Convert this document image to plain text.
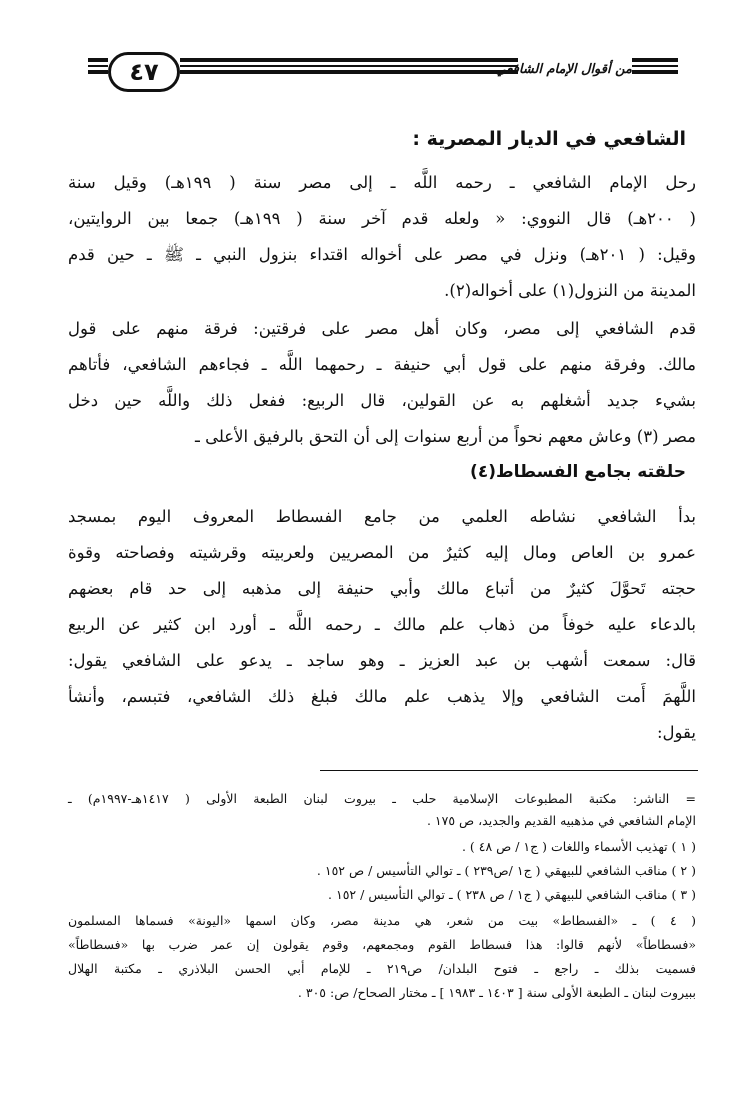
٤٧	من أقوال الإمام الشافعي
الشافعي في الديار المصرية :
رحل الإمام الشافعي ـ رحمه اللَّه ـ إلى مصر سنة ( ١٩٩هـ) وقيل سنة
( ٢٠٠هـ) قال النووي: « ولعله قدم آخر سنة ( ١٩٩هـ) جمعا بين الروايتين،
وقيل: ( ٢٠١هـ) ونزل في مصر على أخواله اقتداء بنزول النبي ـ ﷺ ـ حين قدم
المدينة من النزول(١) على أخواله(٢).
قدم الشافعي إلى مصر، وكان أهل مصر على فرقتين: فرقة منهم على قول
مالك. وفرقة منهم على قول أبي حنيفة ـ رحمهما اللَّه ـ فجاءهم الشافعي، فأتاهم
بشيء جديد أشغلهم به عن القولين، قال الربيع: ففعل ذلك واللَّه حين دخل
مصر (٣) وعاش معهم نحواً من أربع سنوات إلى أن التحق بالرفيق الأعلى ـ
حلقته بجامع الفسطاط(٤)
بدأ الشافعي نشاطه العلمي من جامع الفسطاط المعروف اليوم بمسجد
عمرو بن العاص ومال إليه كثيرٌ من المصريين ولعربيته وقرشيته وفصاحته وقوة
حجته تَحوَّلَ كثيرٌ من أتباع مالك وأبي حنيفة إلى مذهبه إلى حد قام بعضهم
بالدعاء عليه خوفاً من ذهاب علم مالك ـ رحمه اللَّه ـ أورد ابن كثير عن الربيع
قال: سمعت أشهب بن عبد العزيز ـ وهو ساجد ـ يدعو على الشافعي يقول:
اللَّهمَ أَمت الشافعي وإلا يذهب علم مالك فبلغ ذلك الشافعي، فتبسم، وأنشأ
يقول:
= الناشر: مكتبة المطبوعات الإسلامية حلب ـ بيروت لبنان الطبعة الأولى ( ١٤١٧هـ-١٩٩٧م) ـ
الإمام الشافعي في مذهبيه القديم والجديد، ص ١٧٥ .
( ١ ) تهذيب الأسماء واللغات ( ج١ / ص ٤٨ ) .
( ٢ ) مناقب الشافعي للبيهقي ( ج١ /ص٢٣٩ ) ـ توالي التأسيس / ص ١٥٢ .
( ٣ ) مناقب الشافعي للبيهقي ( ج١ / ص ٢٣٨ ) ـ توالي التأسيس / ١٥٢ .
( ٤ ) ـ «الفسطاط» بيت من شعر، هي مدينة مصر، وكان اسمها «اليونة» فسماها المسلمون
«فسطاطاً» لأنهم قالوا: هذا فسطاط القوم ومجمعهم، وقوم يقولون إن عمر ضرب بها «فسطاطاً»
فسميت بذلك ـ راجع ـ فتوح البلدان/ ص٢١٩ ـ للإمام أبي الحسن البلاذري ـ مكتبة الهلال
ببيروت لبنان ـ الطبعة الأولى سنة [ ١٤٠٣ ـ ١٩٨٣ ] ـ مختار الصحاح/ ص: ٣٠٥ .
